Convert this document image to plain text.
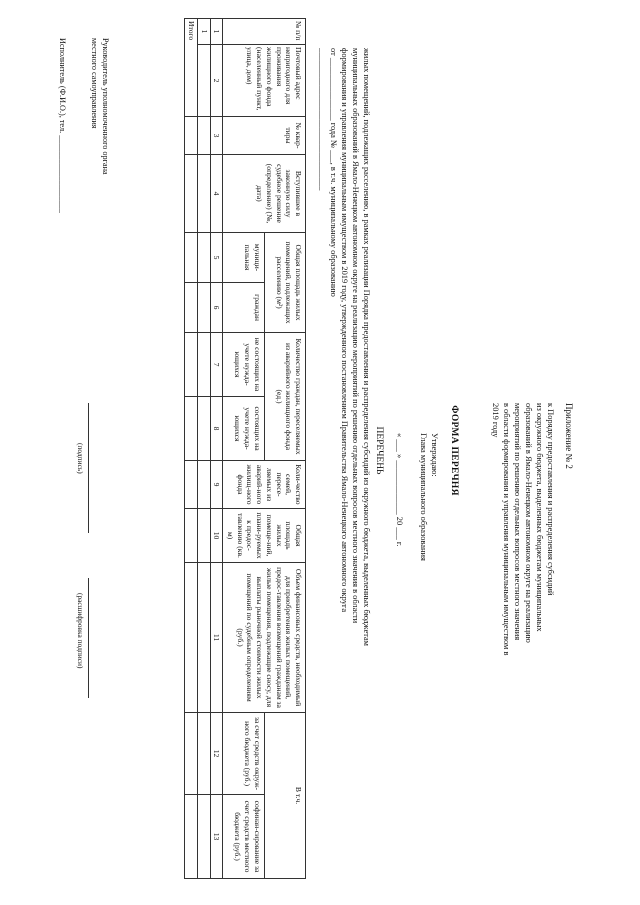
Приложение № 2
к Порядку предоставления и распределения субсидий
из окружного бюджета, выделенных бюджетам муниципальных
образований в Ямало-Ненецком автономном округе на реализацию
мероприятий по решению отдельных вопросов местного значения
в области формирования и управления муниципальным имуществом в
2019 году
ФОРМА ПЕРЕЧНЯ
Утверждаю:
Глава муниципального образования
« ___ » _____________ 20 ___ г.
ПЕРЕЧЕНЬ
жилых помещений, подлежащих расселению, в рамках реализации Порядка предоставления и распределения субсидий из окружного бюджета, выделенных бюджетам
муниципальных образований в Ямало-Ненецком автономном округе на реализацию мероприятий по решению отдельных вопросов местного значения в области
формирования и управления муниципальным имуществом в 2019 году, утвержденного постановлением Правительства Ямало-Ненецкого автономного округа
от _______________ года № ___, в т.ч. муниципальному образованию
__________________________________
№ п/п	Почтовый адрес непригодного для проживания жилищного фонда (населенный пункт, улица, дом)	№ квар-тиры	Вступившее в законную силу судебное решение (определение) (№, дата)	Общая площадь жилых помещений, подлежащих расселению (м²)		Количество граждан, переселяемых из аварийного жилищного фонда (ед.)		Коли-чество семей, пересе-ляемых из аварий-ного жилищ-ного фонда	Общая площадь жилых помеще-ний, плани-руемых к предос-тавлению (кв. м)	Объем финансовых средств, необходимый для приобретения жилых помещений, предос-тавления возмещений гражданам за жилые помещения, подлежащие сносу, для выплаты рыночной стоимости жилых помещений по судебным определениям (руб.)	В т.ч.	
				муници-пальная	граждан	не состоящих на учете нужда-ющихся	состоящих на учете нужда-ющихся				за счет средств окруж-ного бюджета (руб.)	софинан-сирование за счет средств местного бюджета (руб.)
1	2	3	4	5	6	7	8	9	10	11	12	13
1												
Итого												
Руководитель уполномоченного органа
местного самоуправления
(подпись)
(расшифровка подписи)
Исполнитель (Ф.И.О.), тел. ___________________
